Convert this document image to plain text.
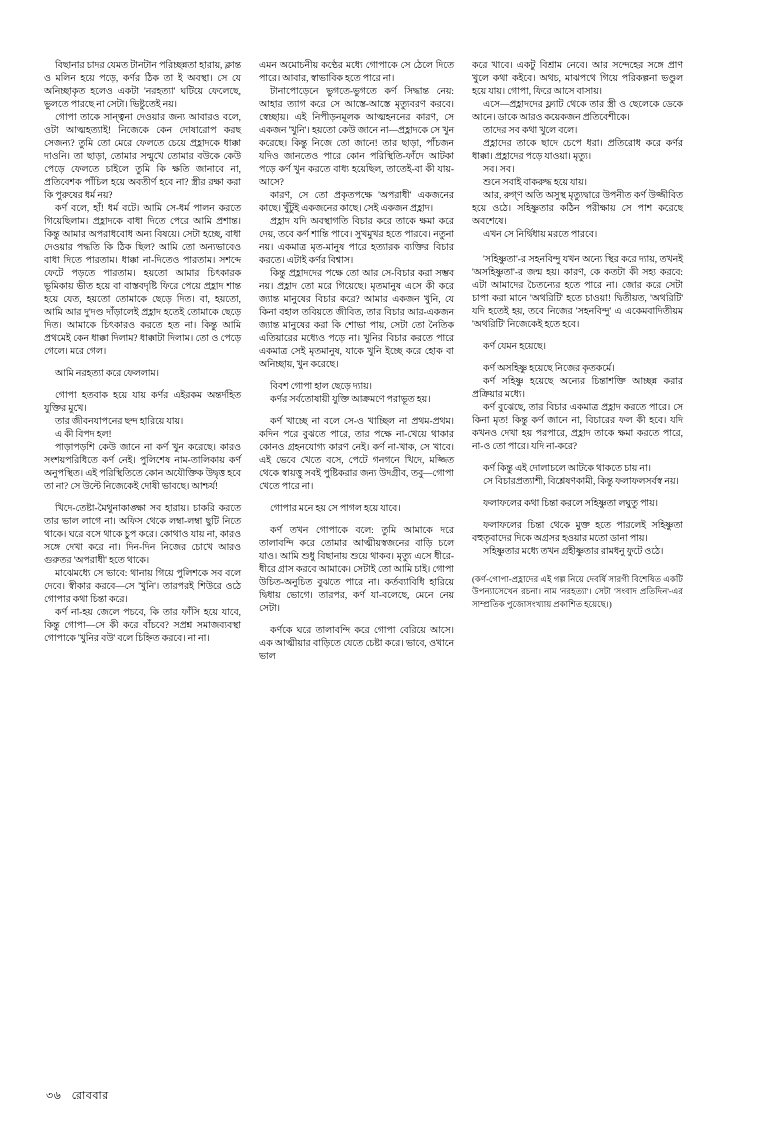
বিছানার চাদর যেমত টানটান পরিচ্ছন্নতা হারায়, ক্লান্ত ও মলিন হয়ে পড়ে, কর্ণর ঠিক তা ই অবস্থা। সে যে অনিচ্ছাকৃত হলেও একটা 'নরহত্যা' ঘটিয়ে ফেলেছে, ভুলতে পারছে না সেটা। ভিষ্টুতেই নয়।

গোপা তাকে সান্ত্বনা দেওয়ার জন্য আবারও বলে, ওটা আত্মহত্যাই! নিজেকে কেন দোষারোপ করছ সেজন্য? তুমি তো মেরে ফেলতে চেয়ে প্রহ্লাদকে ধাক্কা দাওনি। তা ছাড়া, তোমার সন্মুখে তোমার বউকে কেউ পেড়ে ফেলতে চাইলে তুমি কি ক্ষতি জানাবে না, প্রতিবেশক পাঁচিল হয়ে অবতীর্ণ হবে না? স্ত্রীর রক্ষা করা কি পুরুষের ধর্ম নয়?

কর্ণ বলে, হাঁ! ধর্ম বটে। আমি সে-ধর্ম পালন করতে গিয়েছিলাম। প্রহ্লাদকে বাধা দিতে পেরে আমি প্রশান্ত। কিন্তু আমার অপরাধবোধ অন্য বিষয়ে। সেটা হচ্ছে, বাধা দেওয়ার পদ্ধতি কি ঠিক ছিল? আমি তো অন্যভাবেও বাধা দিতে পারতাম। ধাক্কা না-দিতেও পারতাম। সশব্দে ফেটে পড়তে পারতাম। হয়তো আমার চিৎকারক ভূমিকায় ভীত হয়ে বা বাস্তবদৃষ্টি ফিরে পেয়ে প্রহ্লাদ শান্ত হয়ে যেত, হয়তো তোমাকে ছেড়ে দিত। বা, হয়তো, আমি আর দু'দণ্ড দাঁড়ালেই প্রহ্লাদ হতেই তোমাকে ছেড়ে দিত। আমাকে চিৎকারও করতে হত না। কিন্তু আমি প্রথমেই কেন ধাক্কা দিলাম? ধাক্কাটা দিলাম। তো ও পেড়ে গেলে। মরে গেল।

আমি নরহত্যা করে ফেললাম।

গোপা হতবাক হয়ে যায় কর্ণর এইরকম অন্তর্দহিত যুক্তির মুখে।

তার জীবনযাপনের ছন্দ হারিয়ে যায়।

এ কী বিপদ হল!

পাড়াপড়শি কেউ জানে না কর্ণ খুন করেছে। কারও সংশয়পরিধিতে কর্ণ নেই। পুলিশেষ নাম-তালিকায় কর্ণ অনুপস্থিত। এই পরিস্থিতিতে কোন অযৌক্তিক উদ্বৃত্ত হবে তা না? সে উল্টে নিজেকেই দোষী ভাবছে। আশ্চর্য!

খিদে-তেষ্টা-মৈথুনাকাঙ্ক্ষা সব হারায়। চাকরি করতে তার ভাল লাগে না। অফিস থেকে লম্বা-লম্বা ছুটি নিতে থাকে। ঘরে বসে থাকে চুপ করে। কোথাও যায় না, কারও সঙ্গে দেখা করে না। দিন-দিন নিজের চোখে আরও গুরুতর 'অপরাধী' হতে থাকে।

মাঝেমধ্যে সে ভাবে: থানায় গিয়ে পুলিশকে সব বলে দেবে। স্বীকার করবে—সে 'খুনি'। তারপরই শিউরে ওঠে গোপার কথা চিন্তা করে।

কর্ণ না-হয় জেলে পচবে, কি তার ফাঁসি হয়ে যাবে, কিন্তু গোপা—সে কী করে বাঁচবে? সপ্রশ্ন সমাজব্যবস্থা গোপাকে 'খুনির বউ' বলে চিহ্নিত করবে। না না।

এমন অমোচনীয় কণ্ঠের মধ্যে গোপাকে সে ঠেলে দিতে পারে। আবার, স্বাভাবিক হতে পারে না।

টানাপোড়েনে ভুগতে-ভুগতে কর্ণ সিদ্ধান্ত নেয়: আহার ত্যাগ করে সে আস্তে-আস্তে মৃত্যুবরণ করবে। স্বেচ্ছায়। এই নিপীড়নমূলক আত্মহননের কারণ, সে একজন 'খুনি'। হয়তো কেউ জানে না—প্রহ্লাদকে সে খুন করেছে। কিন্তু নিজে তো জানে! তার ছাড়া, পাঁচজন যদিও জানতেও পারে কোন পরিস্থিতি-ফাঁদে আটকা পড়ে কর্ণ খুন করতে বাধ্য হয়েছিল, তাতেই-বা কী যায়-আসে?

কারণ, সে তো প্রকৃতপক্ষে 'অপরাধী' একজনের কাছে। খুঁটুই একজনের কাছে। সেই একজন প্রহ্লাদ।

প্রহ্লাদ যদি অবস্থাগতি বিচার করে তাকে ক্ষমা করে দেয়, তবে কর্ণ শান্তি পাবে। সুখমুখর হতে পারবে। নতুনা নয়। একমাত্র মৃত-মানুষ পারে হত্যারক ব্যক্তির বিচার করতে। এটাই কর্ণর বিশ্বাস।

কিন্তু প্রহ্লাদদের পক্ষে তো আর সে-বিচার করা সম্ভব নয়। প্রহ্লাদ তো মরে গিয়েছে। মৃতমানুষ এসে কী করে জ্যান্ত মানুষের বিচার করে? আমার একজন খুনি, যে কিনা বহাল তবিয়তে জীবিত, তার বিচার আর-একজন জ্যান্ত মানুষের করা কি শোভা পায়, সেটা তো নৈতিক এতিয়ারের মধ্যেও পড়ে না। খুনির বিচার করতে পারে একমাত্র সেই মৃতমানুষ, যাকে খুনি ইচ্ছে করে হোক বা অনিচ্ছায়, খুন করেছে।

বিবশ গোপা হাল ছেড়ে দ্যায়।

কর্ণর সর্বতোষায়ী যুক্তি আক্রমণে পরাভূত হয়।

কর্ণ খাচ্ছে না বলে সে-ও খাচ্ছিল না প্রথম-প্রথম। কদিন পরে বুঝতে পারে, তার পক্ষে না-খেয়ে থাকার কোনও গ্রহনযোগ্য কারণ নেই। কর্ণ না-খাক, সে খাবে। এই ভেবে খেতে বসে, পেটে গনগনে খিদে, মজ্জিত থেকে স্বায়ত্তু সবই পুষ্টিকরার জন্য উদগ্রীব, তবু—গোপা খেতে পারে না।

গোপার মনে হয় সে পাগল হয়ে যাবে।

কর্ণ তখন গোপাকে বলে: তুমি আমাকে দরে তালাবন্দি করে তোমার আত্মীয়স্বজনের বাড়ি চলে যাও। আমি শুধু বিছানায় শুয়ে থাকব। মৃত্যু এসে ধীরে-ধীরে গ্রাস করবে আমাকে। সেটাই তো আমি চাই। গোপা উচিত-অনুচিত বুঝতে পারে না। কর্তব্যাবিধি হারিয়ে দ্বিধায় ভোগে। তারপর, কর্ণ যা-বলেছে, মেনে নেয় সেটা।

কর্ণকে ঘরে তালাবন্দি করে গোপা বেরিয়ে আসে। এক আত্মীয়ার বাড়িতে যেতে চেষ্টা করে। ভাবে, ওখানে ভাল

করে খাবে। একটু বিশ্রাম নেবে। আর সন্দেহের সঙ্গে প্রাণ খুলে কথা কইবে। অথচ, মাঝপথে গিয়ে পরিকল্পনা ভণ্ডুল হয়ে যায়। গোপা, ফিরে আসে বাসায়।

এসে—প্রহ্লাদদের ফ্ল্যাট থেকে তার স্ত্রী ও ছেলেকে ডেকে আনে। ডাকে আরও কয়েকজন প্রতিবেশীকে।

তাদের সব কথা খুলে বলে।

প্রহ্লাদের তাকে ছাদে চেপে ধরা। প্রতিরোধ করে কর্ণর ধাক্কা। প্রহ্লাদের পড়ে যাওয়া। মৃত্যু।

সব। সব।

শুনে সবাই বাকরুদ্ধ হয়ে যায়।

আর, রুগ্ণ অতি অসুস্থ মৃত্যুদ্বারে উপনীত কর্ণ উজ্জীবিত হয়ে ওঠে। সহিষ্ণুতার কঠিন পরীক্ষায় সে পাশ করেছে অবশেষে।

এখন সে নির্দ্বিধায় মরতে পারবে।

'সহিষ্ণুতা'-র সহনবিন্দু যখন অন্যে স্থির করে দ্যায়, তখনই 'অসহিষ্ণুতা'-র জন্ম হয়। কারণ, কে কতটা কী সহ্য করবে: এটা আমাদের চৈতন্যের হতে পারে না। জোর করে সেটা চাপা করা মানে 'অথরিটি' হতে চাওয়া! দ্বিতীয়ত, 'অথরিটি' যদি হতেই হয়, তবে নিজের 'সহনবিন্দু' এ একেমবাদিতীয়ম 'অথরিটি' নিজেকেই হতে হবে।

কর্ণ যেমন হয়েছে।

কর্ণ অসহিষ্ণু হয়েছে নিজের কৃতকর্মে।

কর্ণ সহিষ্ণু হয়েছে অন্যের চিন্তাশক্তি আচ্ছন্ন করার প্রক্রিয়ার মধ্যে।

কর্ণ বুঝেছে, তার বিচার একমাত্র প্রহ্লাদ করতে পারে। সে কিনা মৃত! কিন্তু কর্ণ জানে না, বিচারের ফল কী হবে। যদি কখনও দেখা হয় পরপারে, প্রহ্লাদ তাকে ক্ষমা করতে পারে, না-ও তো পারে। যদি না-করে?

কর্ণ কিন্তু এই দোলাচলে আটকে থাকতে চায় না।

সে বিচারপ্রত্যাশী, বিশ্লেষণকামী, কিন্তু ফলাফলসর্বস্ব নয়।

ফলাফলের কথা চিন্তা করলে সহিষ্ণুতা লঘুতু পায়।

ফলাফলের চিন্তা থেকে মুক্ত হতে পারলেই সহিষ্ণুতা বহুতৃবাদের দিকে অগ্রসর হওয়ার মতো ডানা পায়।

সহিষ্ণুতার মধ্যে তখন গ্রহীষ্ণুতার রামধনু ফুটে ওঠে।

(কর্ণ-গোপা-প্রহ্লাদের এই গল্প নিয়ে দেবর্ষি সারগী বিশেষিত একটি উপন্যাসেখেন রচনা। নাম 'নরহত্যা'। সেটা 'সংবাদ প্রতিদিন'-এর সাম্প্রতিক পুজোসংখ্যায় প্রকাশিত হয়েছে।)
৩৬ রোববার
